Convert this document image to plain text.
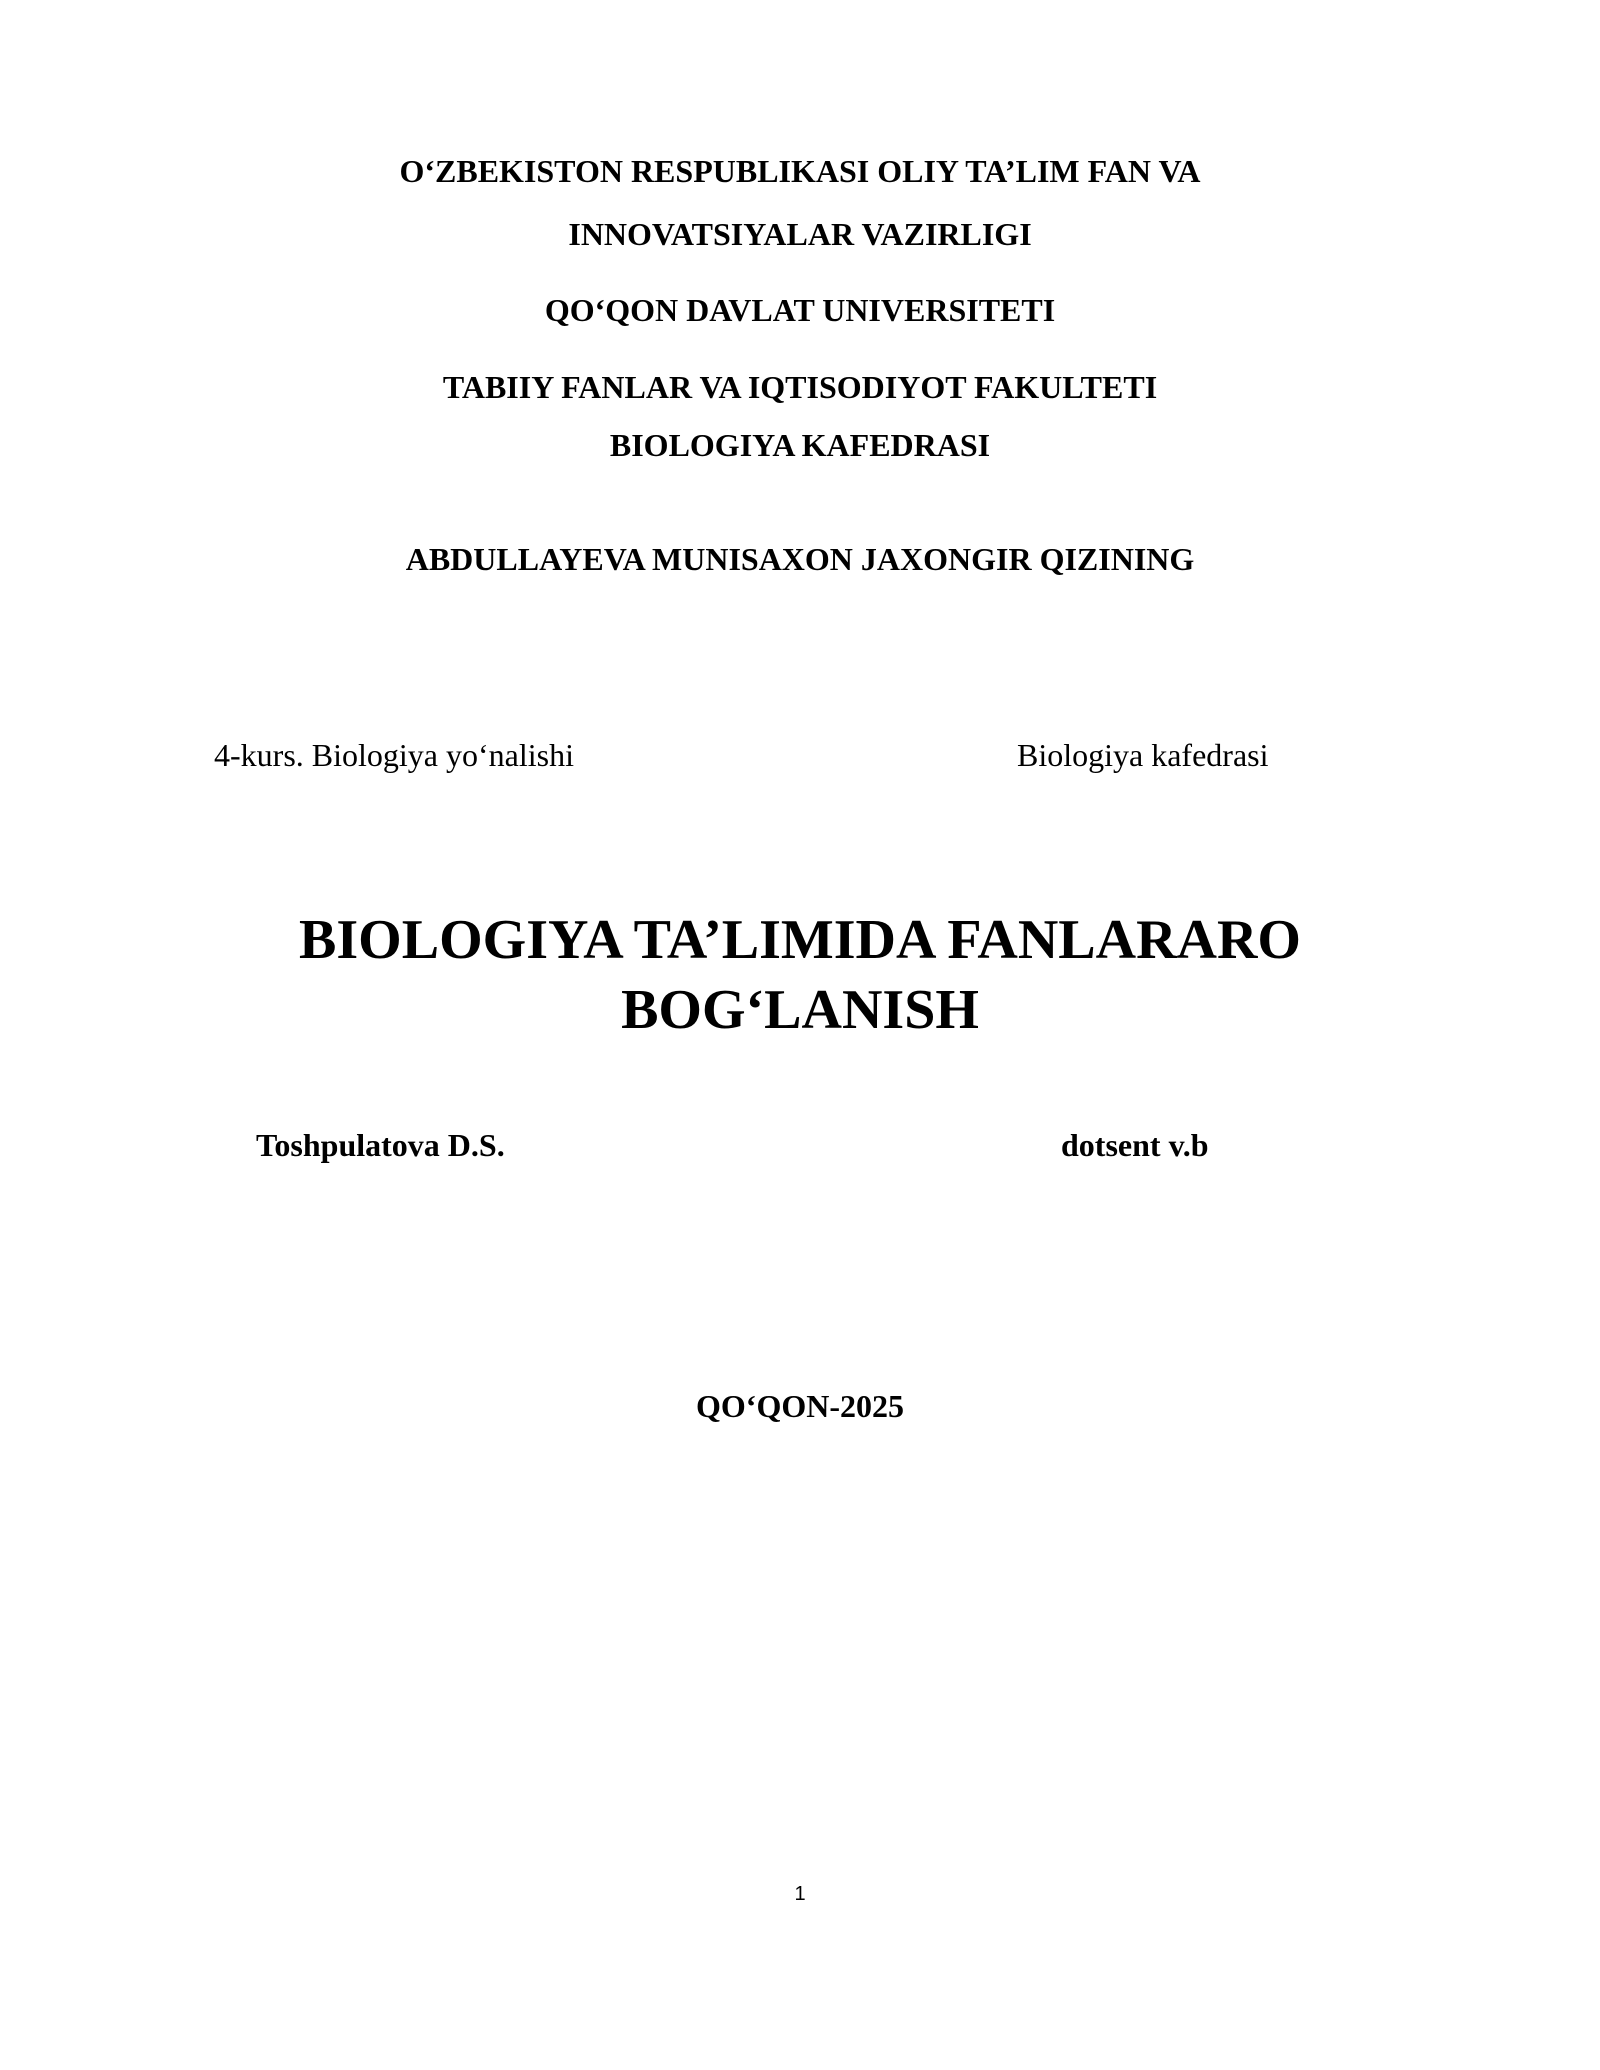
O‘ZBEKISTON RESPUBLIKASI OLIY TA’LIM FAN VA
INNOVATSIYALAR VAZIRLIGI
QO‘QON DAVLAT UNIVERSITETI
TABIIY FANLAR VA IQTISODIYOT FAKULTETI
BIOLOGIYA KAFEDRASI
ABDULLAYEVA MUNISAXON JAXONGIR QIZINING
4-kurs. Biologiya yo‘nalishi	Biologiya kafedrasi
BIOLOGIYA TA’LIMIDA FANLARARO
BOG‘LANISH
Toshpulatova D.S.	dotsent v.b
QO‘QON-2025
1
